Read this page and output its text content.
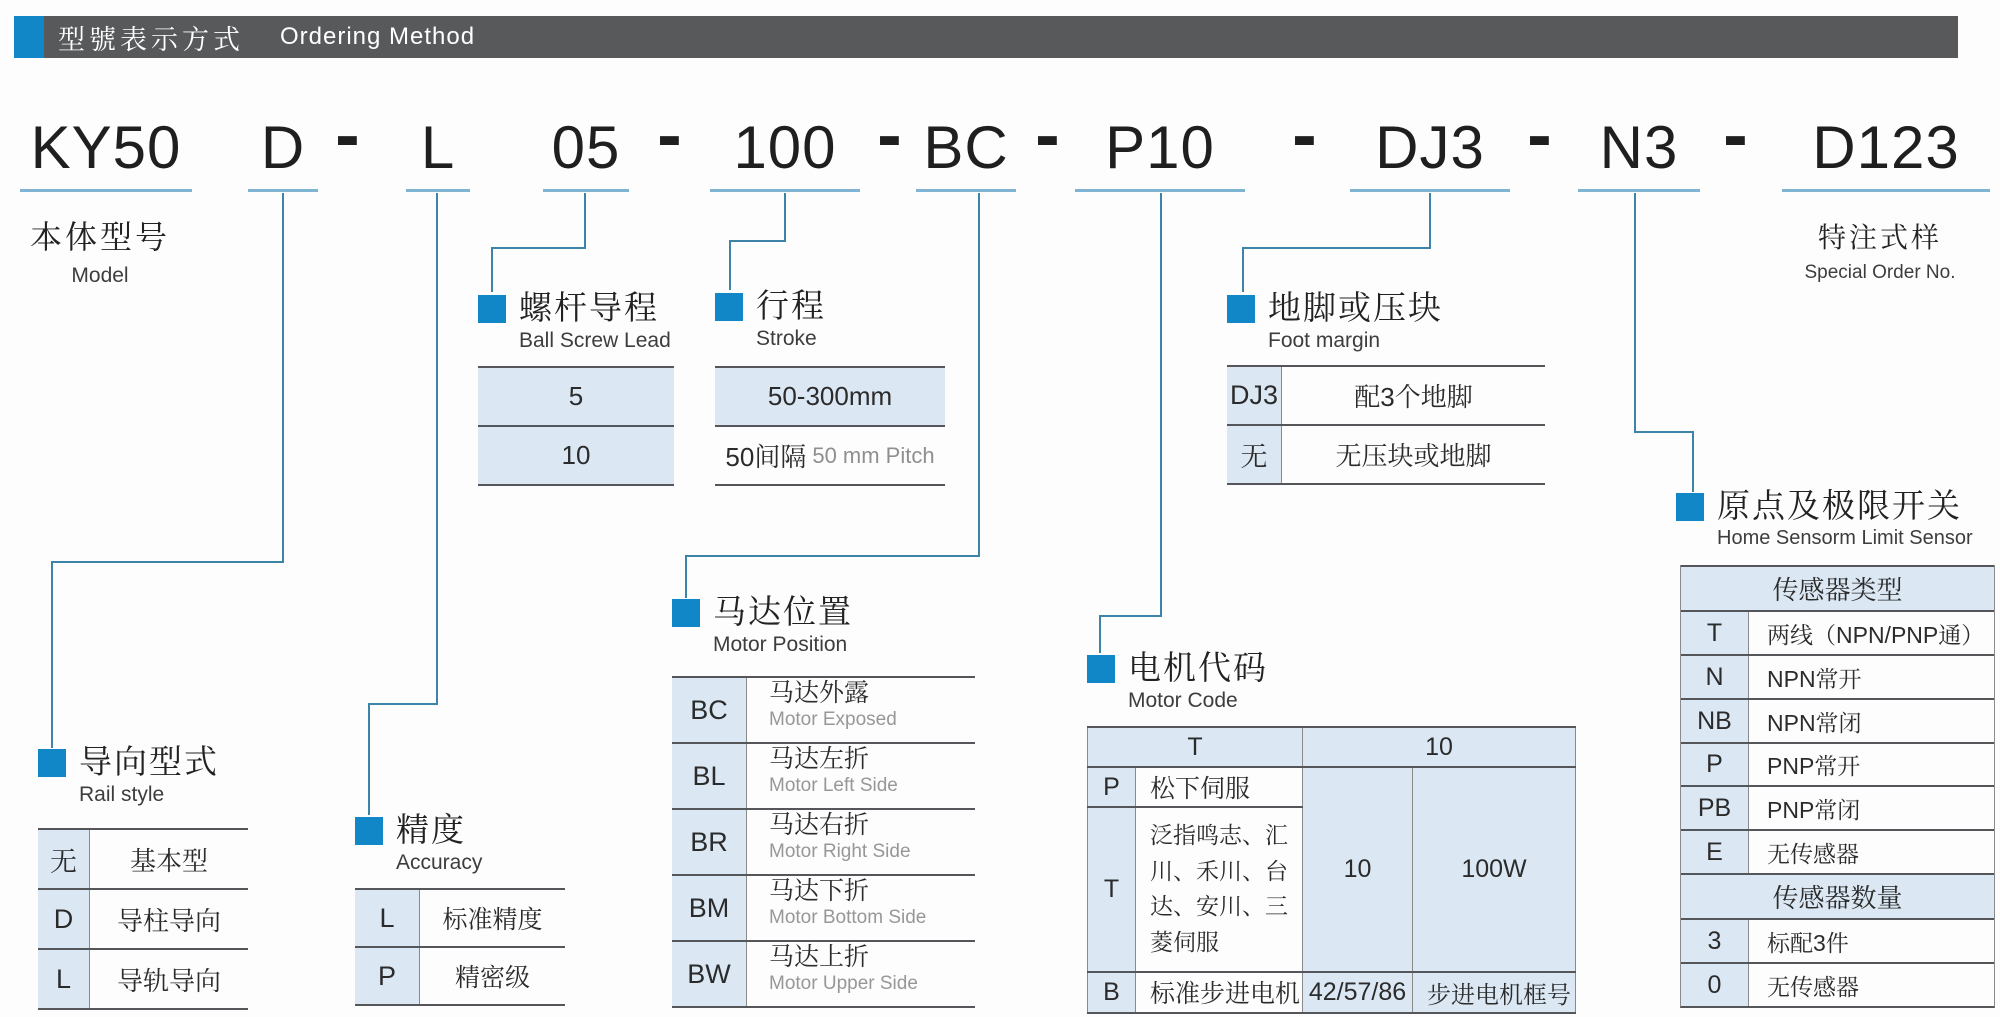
型號表示方式 Ordering Method
KY50 D - L 05 - 100 - BC - P10 - DJ3 - N3 - D123
本体型号
Model
特注式样
Special Order No.
螺杆导程
Ball Screw Lead
行程
Stroke
地脚或压块
Foot margin
马达位置
Motor Position
电机代码
Motor Code
原点及极限开关
Home Sensorm Limit Sensor
导向型式
Rail style
精度
Accuracy
5
10
50-300mm
50间隔 50 mm Pitch
DJ3	配3个地脚
无	无压块或地脚
无	基本型
D	导柱导向
L	导轨导向
L	标准精度
P	精密级
BC
马达外露
Motor Exposed
BL
马达左折
Motor Left Side
BR
马达右折
Motor Right Side
BM
马达下折
Motor Bottom Side
BW
马达上折
Motor Upper Side
T		10	
P	松下伺服	10	100W
T	泛指鸣志、汇川、禾川、台达、安川、三菱伺服		
B	标准步进电机	42/57/86	步进电机框号
传感器类型
T	两线（NPN/PNP通）
N	NPN常开
NB	NPN常闭
P	PNP常开
PB	PNP常闭
E	无传感器
传感器数量
3	标配3件
0	无传感器
